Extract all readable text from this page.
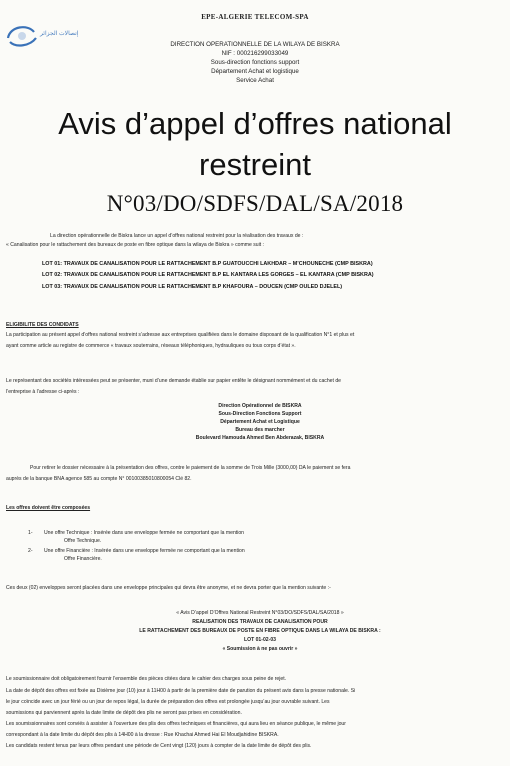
إتصالات الجزائر
EPE-ALGERIE TELECOM-SPA
DIRECTION OPERATIONNELLE DE LA WILAYA DE BISKRA
NIF : 000216299033049
Sous-direction fonctions support
Département Achat et logistique
Service Achat
Avis d’appel d’offres national
restreint
N°03/DO/SDFS/DAL/SA/2018
La direction opérationnelle de Biskra lance un appel d’offres national restreint pour la réalisation des travaux de :
« Canalisation pour le rattachement des bureaux de poste en fibre optique dans la wilaya de Biskra » comme suit :
LOT 01: TRAVAUX DE CANALISATION POUR LE RATTACHEMENT B.P GUATOUCCHI LAKHDAR – M’CHOUNECHE (CMP BISKRA)
LOT 02: TRAVAUX DE CANALISATION POUR LE RATTACHEMENT B.P EL KANTARA LES GORGES – EL KANTARA (CMP BISKRA)
LOT 03: TRAVAUX DE CANALISATION POUR LE RATTACHEMENT B.P KHAFOURA – DOUCEN (CMP OULED DJELEL)
ELIGIBILITE DES CONDIDATS
La participation au présent appel d’offres national restreint s’adresse aux entreprises qualifiées dans le domaine disposant de la qualification N°1 et plus et
ayant comme article au registre de commerce « travaux souterrains, réseaux téléphoniques, hydrauliques ou tous corps d’état ».
Le représentant des sociétés intéressées peut se présenter, muni d’une demande établie sur papier entête le désignant nommément et du cachet de
l’entreprise à l’adresse ci-après :
Direction Opérationnel de BISKRA
Sous-Direction Fonctions Support
Département Achat et Logistique
Bureau des marcher
Boulevard Hamouda Ahmed Ben Abderazak, BISKRA
Pour retirer le dossier nécessaire à la présentation des offres, contre le paiement de la somme de Trois Mille (3000,00) DA le paiement se fera
auprès de la banque BNA agence 585 au compte N° 00100385010800054 Clé 82.
Les offres doivent être composées
1-	Une offre Technique : Insérée dans une enveloppe fermée ne comportant que la mention
Offre Technique.
2-	Une offre Financière : Insérée dans une enveloppe fermée ne comportant que la mention
Offre Financière.
Ces deux (02) enveloppes seront placées dans une enveloppe principales qui devra être anonyme, et ne devra porter que la mention suivante :-
« Avis D’appel D’Offres National Restreint N°03/DO/SDFS/DAL/SA/2018 »
REALISATION DES TRAVAUX DE CANALISATION POUR
LE RATTACHEMENT DES BUREAUX DE POSTE EN FIBRE OPTIQUE DANS LA WILAYA DE BISKRA :
LOT 01-02-03
« Soumission à ne pas ouvrir »
Le soumissionnaire doit obligatoirement fournir l’ensemble des pièces citées dans le cahier des charges sous peine de rejet.
La date de dépôt des offres est fixée au Dixième jour (10) jour à 11H00 à partir de la première date de parution du présent avis dans la presse nationale. Si
le jour coïncide avec un jour férié ou un jour de repos légal, la durée de préparation des offres est prolongée jusqu’au jour ouvrable suivant. Les
soumissions qui parviennent après la date limite de dépôt des plis ne seront pas prises en considération.
Les soumissionnaires sont conviés à assister à l’ouverture des plis des offres techniques et financières, qui aura lieu en séance publique, le même jour
correspondant à la date limite du dépôt des plis à 14H00 à la dresse : Rue Khachai Ahmed Hai El Moudjahidine BISKRA.
Les candidats restent tenus par leurs offres pendant une période de Cent vingt (120) jours à compter de la date limite de dépôt des plis.
